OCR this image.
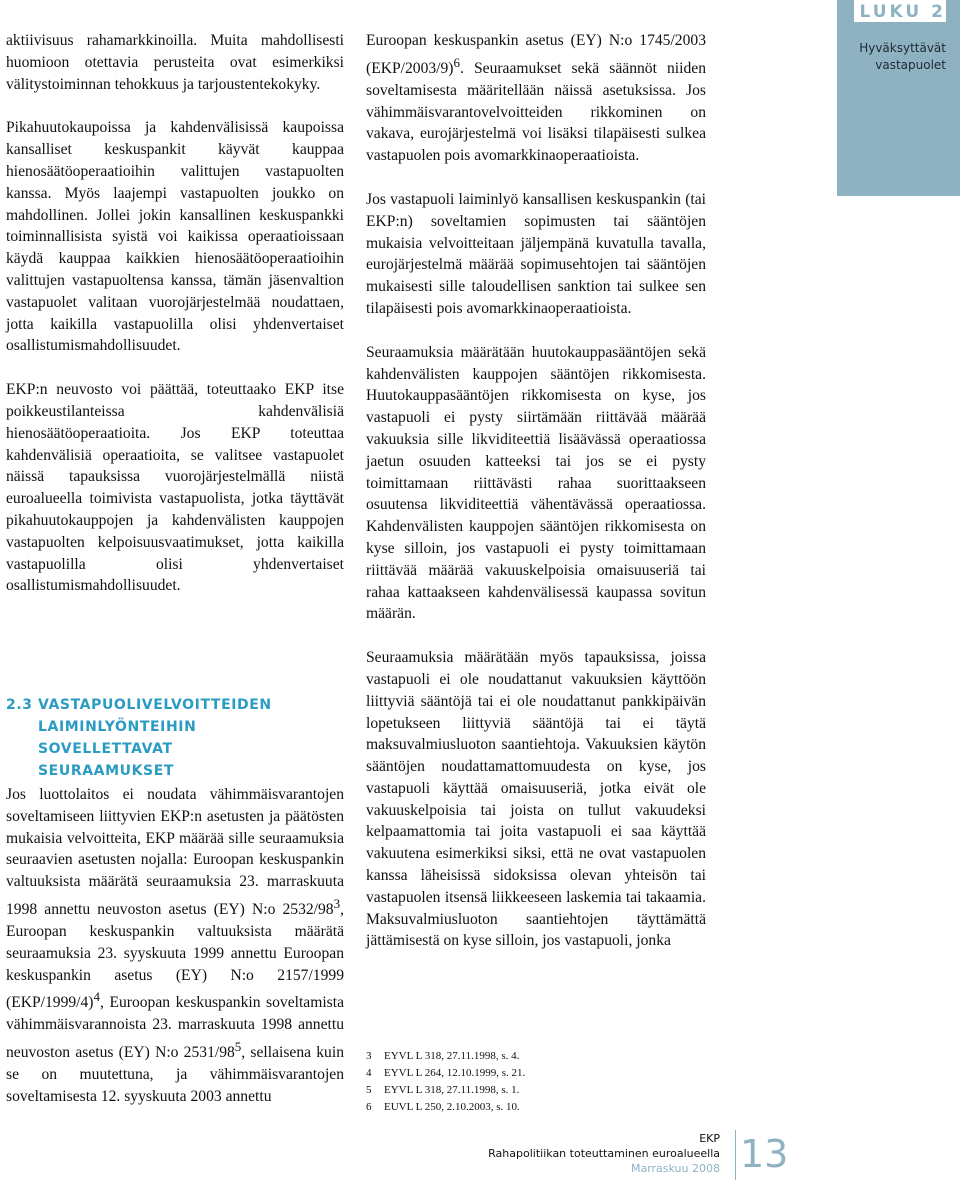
LUKU 2
Hyväksyttävät
vastapuolet

aktiivisuus rahamarkkinoilla. Muita mahdollisesti huomioon otettavia perusteita ovat esimerkiksi välitystoiminnan tehokkuus ja tarjoustentekokyky.

Pikahuutokaupoissa ja kahdenvälisissä kaupoissa kansalliset keskuspankit käyvät kauppaa hienosäätöoperaatioihin valittujen vastapuolten kanssa. Myös laajempi vastapuolten joukko on mahdollinen. Jollei jokin kansallinen keskuspankki toiminnallisista syistä voi kaikissa operaatioissaan käydä kauppaa kaikkien hienosäätöoperaatioihin valittujen vastapuoltensa kanssa, tämän jäsenvaltion vastapuolet valitaan vuorojärjestelmää noudattaen, jotta kaikilla vastapuolilla olisi yhdenvertaiset osallistumismahdollisuudet.

EKP:n neuvosto voi päättää, toteuttaako EKP itse poikkeustilanteissa kahdenvälisiä hienosäätöoperaatioita. Jos EKP toteuttaa kahdenvälisiä operaatioita, se valitsee vastapuolet näissä tapauksissa vuorojärjestelmällä niistä euroalueella toimivista vastapuolista, jotka täyttävät pikahuutokauppojen ja kahdenvälisten kauppojen vastapuolten kelpoisuusvaatimukset, jotta kaikilla vastapuolilla olisi yhdenvertaiset osallistumismahdollisuudet.

2.3 VASTAPUOLIVELVOITTEIDEN
LAIMINLYÖNTEIHIN SOVELLETTAVAT
SEURAAMUKSET
Jos luottolaitos ei noudata vähimmäisvarantojen soveltamiseen liittyvien EKP:n asetusten ja päätösten mukaisia velvoitteita, EKP määrää sille seuraamuksia seuraavien asetusten nojalla: Euroopan keskuspankin valtuuksista määrätä seuraamuksia 23. marraskuuta 1998 annettu neuvoston asetus (EY) N:o $2532/98^3$, Euroopan keskuspankin valtuuksista määrätä seuraamuksia 23. syyskuuta 1999 annettu Euroopan keskuspankin asetus (EY) N:o 2157/1999 $(EKP/1999/4)^4$, Euroopan keskuspankin soveltamista vähimmäisvarannoista 23. marraskuuta 1998 annettu neuvoston asetus (EY) N:o $2531/98^5$, sellaisena kuin se on muutettuna, ja vähimmäisvarantojen soveltamisesta 12. syyskuuta 2003 annettu

Euroopan keskuspankin asetus (EY) N:o 1745/2003 $(EKP/2003/9)^6$. Seuraamukset sekä säännöt niiden soveltamisesta määritellään näissä asetuksissa. Jos vähimmäisvarantovelvoitteiden rikkominen on vakava, eurojärjestelmä voi lisäksi tilapäisesti sulkea vastapuolen pois avomarkkinaoperaatioista.

Jos vastapuoli laiminlyö kansallisen keskuspankin (tai EKP:n) soveltamien sopimusten tai sääntöjen mukaisia velvoitteitaan jäljempänä kuvatulla tavalla, eurojärjestelmä määrää sopimusehtojen tai sääntöjen mukaisesti sille taloudellisen sanktion tai sulkee sen tilapäisesti pois avomarkkinaoperaatioista.

Seuraamuksia määrätään huutokauppasääntöjen sekä kahdenvälisten kauppojen sääntöjen rikkomisesta. Huutokauppasääntöjen rikkomisesta on kyse, jos vastapuoli ei pysty siirtämään riittävää määrää vakuuksia sille likviditeettiä lisäävässä operaatiossa jaetun osuuden katteeksi tai jos se ei pysty toimittamaan riittävästi rahaa suorittaakseen osuutensa likviditeettiä vähentävässä operaatiossa. Kahdenvälisten kauppojen sääntöjen rikkomisesta on kyse silloin, jos vastapuoli ei pysty toimittamaan riittävää määrää vakuuskelpoisia omaisuuseriä tai rahaa kattaakseen kahdenvälisessä kaupassa sovitun määrän.

Seuraamuksia määrätään myös tapauksissa, joissa vastapuoli ei ole noudattanut vakuuksien käyttöön liittyviä sääntöjä tai ei ole noudattanut pankkipäivän lopetukseen liittyviä sääntöjä tai ei täytä maksuvalmiusluoton saantiehtoja. Vakuuksien käytön sääntöjen noudattamattomuudesta on kyse, jos vastapuoli käyttää omaisuuseriä, jotka eivät ole vakuuskelpoisia tai joista on tullut vakuudeksi kelpaamattomia tai joita vastapuoli ei saa käyttää vakuutena esimerkiksi siksi, että ne ovat vastapuolen kanssa läheisissä sidoksissa olevan yhteisön tai vastapuolen itsensä liikkeeseen laskemia tai takaamia. Maksuvalmiusluoton saantiehtojen täyttämättä jättämisestä on kyse silloin, jos vastapuoli, jonka

3	EYVL L 318, 27.11.1998, s. 4.
4	EYVL L 264, 12.10.1999, s. 21.
5	EYVL L 318, 27.11.1998, s. 1.
6	EUVL L 250, 2.10.2003, s. 10.
EKP
Rahapolitiikan toteuttaminen euroalueella
Marraskuu 2008 13
